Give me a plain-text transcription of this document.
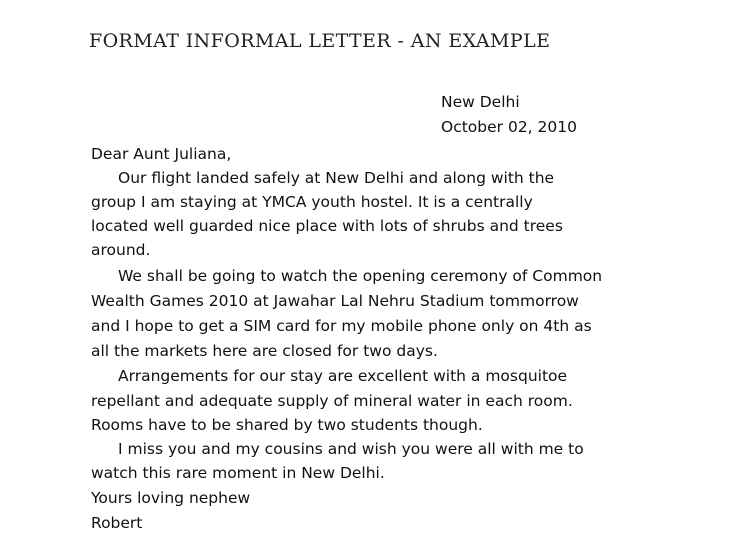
FORMAT INFORMAL LETTER - AN EXAMPLE
New Delhi
October 02, 2010
Dear Aunt Juliana,
Our flight landed safely at New Delhi and along with the
group I am staying at YMCA youth hostel. It is a centrally
located well guarded nice place with lots of shrubs and trees
around.
We shall be going to watch the opening ceremony of Common
Wealth Games 2010 at Jawahar Lal Nehru Stadium tommorrow
and I hope to get a SIM card for my mobile phone only on 4th as
all the markets here are closed for two days.
Arrangements for our stay are excellent with a mosquitoe
repellant and adequate supply of mineral water in each room.
Rooms have to be shared by two students though.
I miss you and my cousins and wish you were all with me to
watch this rare moment in New Delhi.
Yours loving nephew
Robert
